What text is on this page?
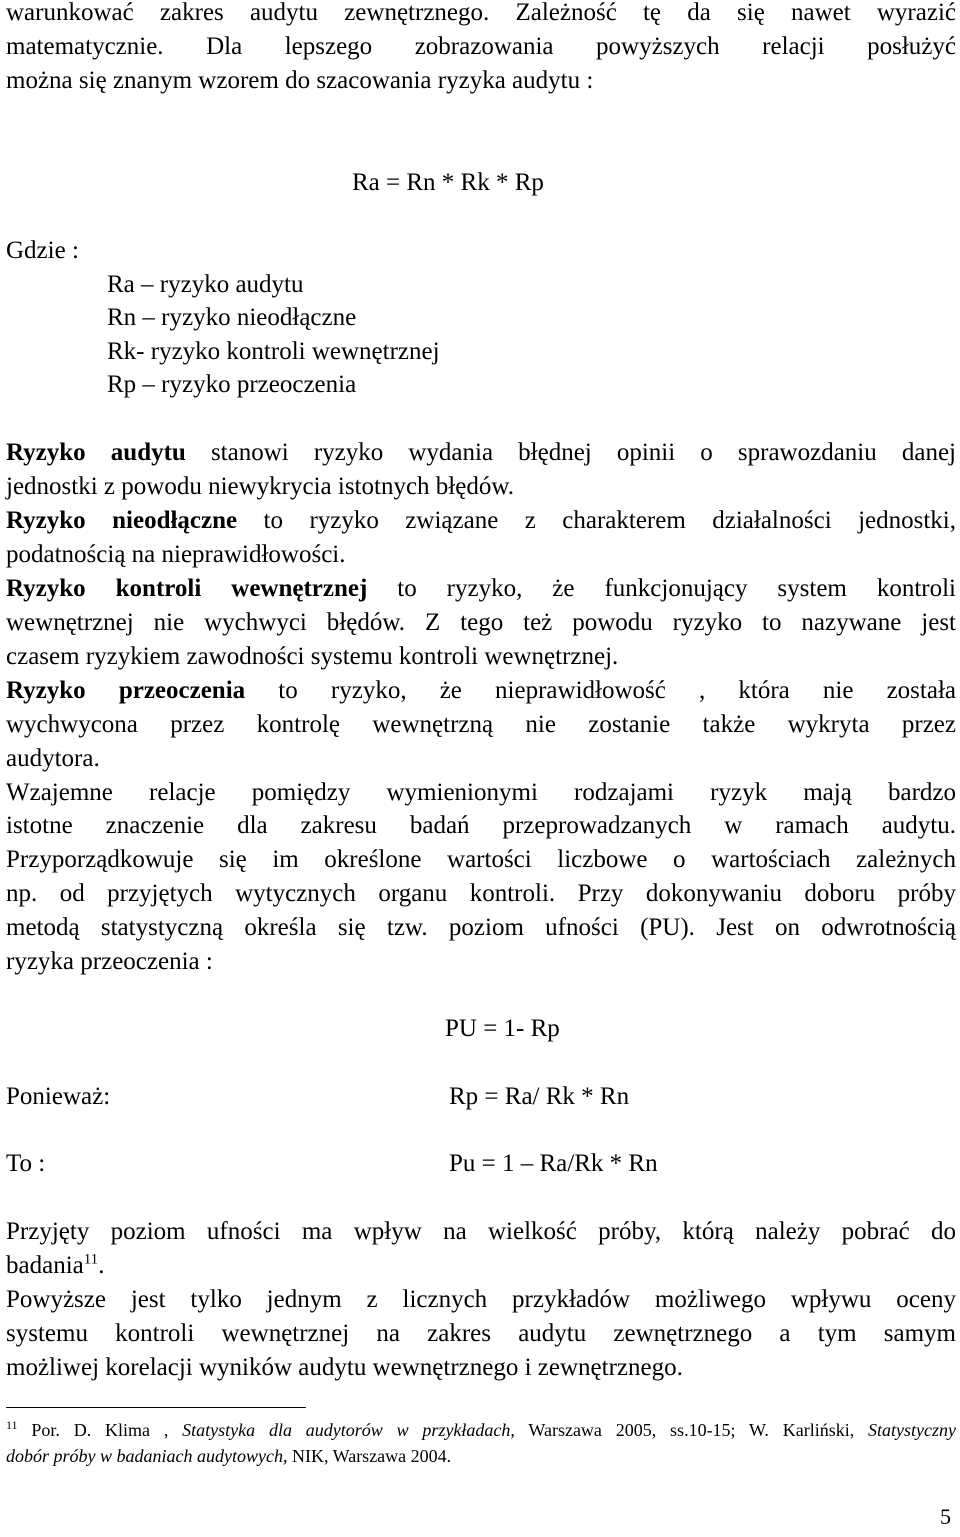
warunkować zakres audytu zewnętrznego. Zależność tę da się nawet wyrazić
matematycznie. Dla lepszego zobrazowania powyższych relacji posłużyć
można się znanym wzorem do szacowania ryzyka audytu :
Ra = Rn * Rk * Rp
Gdzie :
Ra – ryzyko audytu
Rn – ryzyko nieodłączne
Rk- ryzyko kontroli wewnętrznej
Rp – ryzyko przeoczenia
Ryzyko audytu stanowi ryzyko wydania błędnej opinii o sprawozdaniu danej
jednostki z powodu niewykrycia istotnych błędów.
Ryzyko nieodłączne to ryzyko związane z charakterem działalności jednostki,
podatnością na nieprawidłowości.
Ryzyko kontroli wewnętrznej to ryzyko, że funkcjonujący system kontroli
wewnętrznej nie wychwyci błędów. Z tego też powodu ryzyko to nazywane jest
czasem ryzykiem zawodności systemu kontroli wewnętrznej.
Ryzyko przeoczenia to ryzyko, że nieprawidłowość , która nie została
wychwycona przez kontrolę wewnętrzną nie zostanie także wykryta przez
audytora.
Wzajemne relacje pomiędzy wymienionymi rodzajami ryzyk mają bardzo
istotne znaczenie dla zakresu badań przeprowadzanych w ramach audytu.
Przyporządkowuje się im określone wartości liczbowe o wartościach zależnych
np. od przyjętych wytycznych organu kontroli. Przy dokonywaniu doboru próby
metodą statystyczną określa się tzw. poziom ufności (PU). Jest on odwrotnością
ryzyka przeoczenia :
PU = 1- Rp
Ponieważ:	Rp = Ra/ Rk * Rn
To :	Pu = 1 – Ra/Rk * Rn
Przyjęty poziom ufności ma wpływ na wielkość próby, którą należy pobrać do
badania$^{11}$.
Powyższe jest tylko jednym z licznych przykładów możliwego wpływu oceny
systemu kontroli wewnętrznej na zakres audytu zewnętrznego a tym samym
możliwej korelacji wyników audytu wewnętrznego i zewnętrznego.
$^{11}$ Por. D. Klima , Statystyka dla audytorów w przykładach, Warszawa 2005, ss.10-15; W. Karliński, Statystyczny
dobór próby w badaniach audytowych, NIK, Warszawa 2004.
5
